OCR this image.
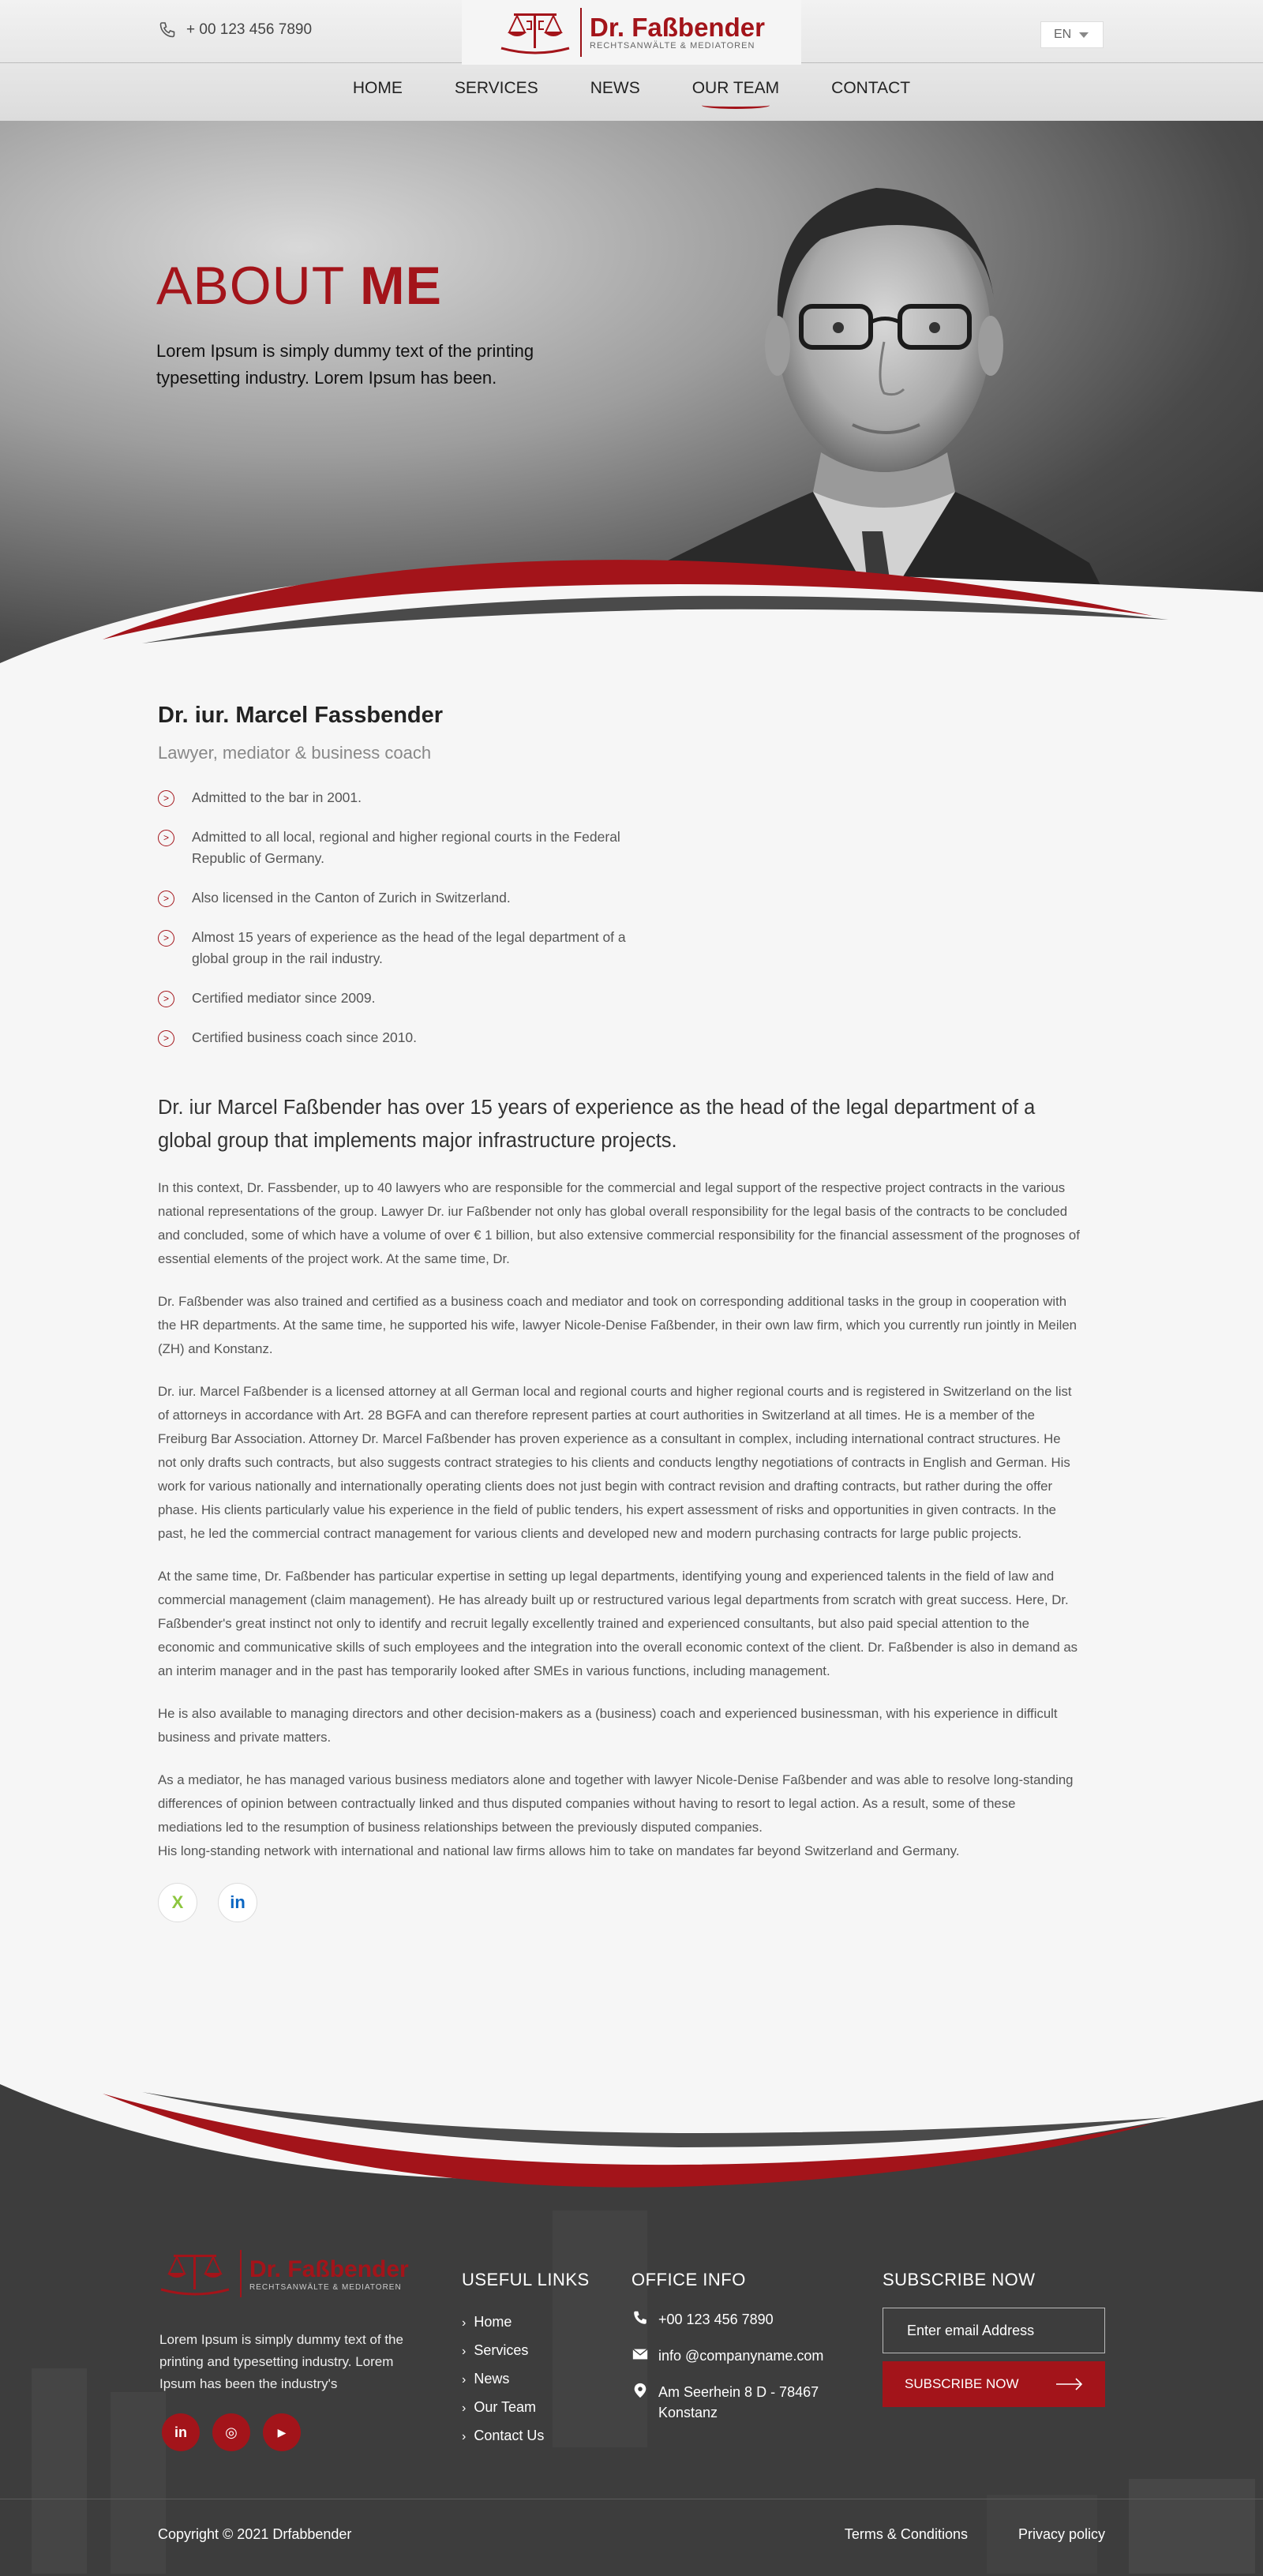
+ 00 123 456 7890	Dr. Faßbender
RECHTSANWÄLTE & MEDIATOREN
EN
HOME	SERVICES	NEWS	OUR TEAM	CONTACT
ABOUT ME

Lorem Ipsum is simply dummy text of the printing typesetting industry. Lorem Ipsum has been.

Dr. iur. Marcel Fassbender
Lawyer, mediator & business coach
>	Admitted to the bar in 2001.
>	Admitted to all local, regional and higher regional courts in the Federal Republic of Germany.
>	Also licensed in the Canton of Zurich in Switzerland.
>	Almost 15 years of experience as the head of the legal department of a global group in the rail industry.
>	Certified mediator since 2009.
>	Certified business coach since 2010.

Dr. iur Marcel Faßbender has over 15 years of experience as the head of the legal department of a global group that implements major infrastructure projects.

In this context, Dr. Fassbender, up to 40 lawyers who are responsible for the commercial and legal support of the respective project contracts in the various national representations of the group. Lawyer Dr. iur Faßbender not only has global overall responsibility for the legal basis of the contracts to be concluded and concluded, some of which have a volume of over € 1 billion, but also extensive commercial responsibility for the financial assessment of the prognoses of essential elements of the project work. At the same time, Dr.

Dr. Faßbender was also trained and certified as a business coach and mediator and took on corresponding additional tasks in the group in cooperation with the HR departments. At the same time, he supported his wife, lawyer Nicole-Denise Faßbender, in their own law firm, which you currently run jointly in Meilen (ZH) and Konstanz.

Dr. iur. Marcel Faßbender is a licensed attorney at all German local and regional courts and higher regional courts and is registered in Switzerland on the list of attorneys in accordance with Art. 28 BGFA and can therefore represent parties at court authorities in Switzerland at all times. He is a member of the Freiburg Bar Association. Attorney Dr. Marcel Faßbender has proven experience as a consultant in complex, including international contract structures. He not only drafts such contracts, but also suggests contract strategies to his clients and conducts lengthy negotiations of contracts in English and German. His work for various nationally and internationally operating clients does not just begin with contract revision and drafting contracts, but rather during the offer phase. His clients particularly value his experience in the field of public tenders, his expert assessment of risks and opportunities in given contracts. In the past, he led the commercial contract management for various clients and developed new and modern purchasing contracts for large public projects.

At the same time, Dr. Faßbender has particular expertise in setting up legal departments, identifying young and experienced talents in the field of law and commercial management (claim management). He has already built up or restructured various legal departments from scratch with great success. Here, Dr. Faßbender's great instinct not only to identify and recruit legally excellently trained and experienced consultants, but also paid special attention to the economic and communicative skills of such employees and the integration into the overall economic context of the client. Dr. Faßbender is also in demand as an interim manager and in the past has temporarily looked after SMEs in various functions, including management.

He is also available to managing directors and other decision-makers as a (business) coach and experienced businessman, with his experience in difficult business and private matters.

As a mediator, he has managed various business mediators alone and together with lawyer Nicole-Denise Faßbender and was able to resolve long-standing differences of opinion between contractually linked and thus disputed companies without having to resort to legal action. As a result, some of these mediations led to the resumption of business relationships between the previously disputed companies.

His long-standing network with international and national law firms allows him to take on mandates far beyond Switzerland and Germany.

X	in
Dr. Faßbender
RECHTSANWÄLTE & MEDIATOREN

Lorem Ipsum is simply dummy text of the printing and typesetting industry. Lorem Ipsum has been the industry's

in	◎	▶
USEFUL LINKS
› Home
› Services
› News
› Our Team
› Contact Us
OFFICE INFO
+00 123 456 7890
info @companyname.com
Am Seerhein 8 D - 78467
Konstanz
SUBSCRIBE NOW
Enter email Address
SUBSCRIBE NOW
Copyright © 2021 Drfabbender	Terms & Conditions	Privacy policy
